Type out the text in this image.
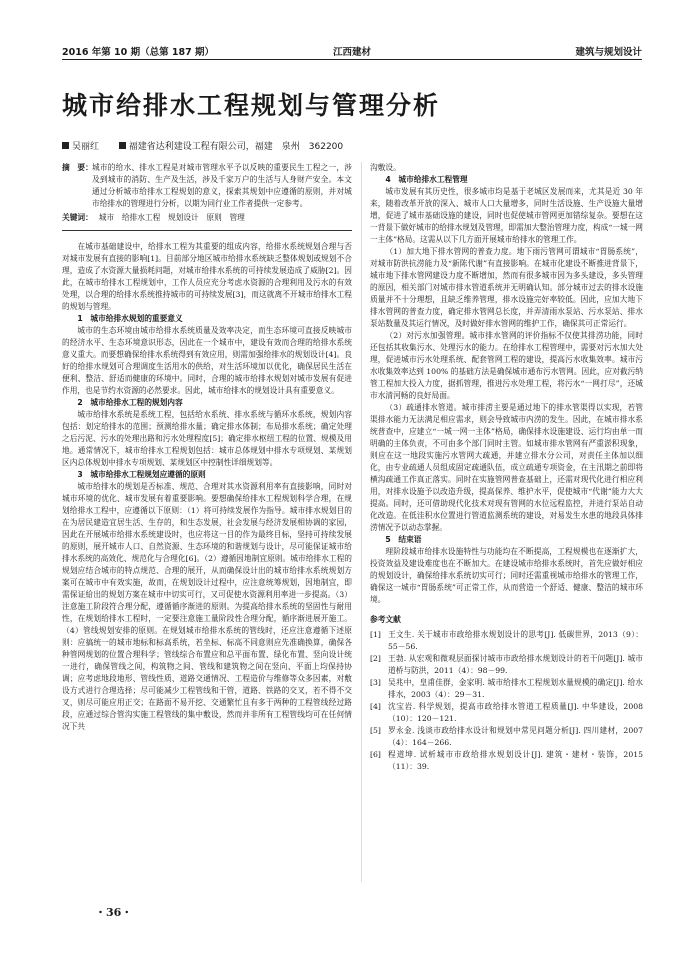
2016 年第 10 期（总第 187 期）	江西建材	建筑与规划设计
城市给排水工程规划与管理分析
吴丽红	福建省达利建设工程有限公司，福建　泉州　362200
摘　要： 城市的给水、排水工程是对城市管理水平予以反映的重要民生工程之一，涉及到城市的消防、生产及生活，涉及千家万户的生活与人身财产安全。本文通过分析城市给排水工程规划的意义，探索其规划中应遵循的原则，并对城市给排水的管理进行分析，以期为同行业工作者提供一定参考。
关键词： 城市　给排水工程　规划设计　原则　管理

在城市基础建设中，给排水工程为其重要的组成内容，给排水系统规划合理与否对城市发展有直接的影响[1]。目前部分地区城市给排水系统缺乏整体规划或规划不合理，造成了水资源大量损耗问题，对城市给排水系统的可持续发展造成了威胁[2]。因此，在城市给排水工程规划中，工作人员应充分考虑水资源的合理利用及污水的有效处理，以合理的给排水系统推持城市的可持续发展[3]，而这就离不开城市给排水工程的规划与管理。

1　城市给排水规划的重要意义

城市的生态环境由城市给排水系统质量及效率决定，而生态环境可直接反映城市的经济水平、生态环境意识形态，因此在一个城市中，建设有效而合理的给排水系统意义重大。而要想确保给排水系统得到有效应用，则需加强给排水的规划设计[4]。良好的给排水规划可合理调度生活用水的供给，对生活环境加以优化，确保居民生活在便利、整洁、舒适而健康的环境中。同时，合理的城市给排水规划对城市发展有促进作用，也是节约水资源的必然要求。因此，城市给排水的规划设计具有重要意义。

2　城市给排水工程的规划内容

城市给排水系统是系统工程，包括给水系统、排水系统与循环水系统，规划内容包括：划定给排水的范围；预测给排水量；确定排水体制；布局排水系统；确定处理之后污泥、污水的处理出路和污水处理程度[5]；确定排水枢纽工程的位置、规模及用地。通常情况下，城市给排水工程规划包括：城市总体规划中排水专项规划、某规划区内总体规划中排水专项规划、某规划区中控制性详细规划等。

3　城市给排水工程规划应遵循的原则

城市给排水的规划是否标准、规范、合理对其水资源利用率有直接影响，同时对城市环境的优化、城市发展有着重要影响。要想确保给排水工程规划科学合理，在规划给排水工程中，应遵循以下原则：（1）将可持续发展作为指导。城市排水规划目的在为居民建造宜居生活、生存的，和生态发展，社会发展与经济发展相协调的家园，因此在开展城市给排水系统建设时，也应将这一目的作为最终目标，坚持可持续发展的原则，展开城市人口、自然资源、生态环境的和谐规划与设计，尽可能保证城市给排水系统的高效化、规范化与合理化[6]。（2）遵循因地制宜原则。城市给排水工程的规划应结合城市的特点规范、合理的展开，从而确保设计出的城市给排水系统规划方案可在城市中有效实施，故而，在规划设计过程中，应注意统筹规划，因地制宜，即需保证給出的规划方案在城市中切实可行，又可促使水资源利用率进一步提高。（3）注意施工阶段符合理分配，遵循循序渐进的原则。为提高给排水系统的坚固性与耐用性，在规划给排水工程时，一定要注意施工量阶段性合理分配，循序渐进展开施工。（4）管线规划安排的原则。在规划城市给排水系统的管线时，还应注意遵循下述原则：应搞统一的城市地标和标高系统，若坐标、标高不同意则应先准确换算，确保各种管网规划的位置合理科学；管线综合布置应和总平面布置、绿化布置、竖向设计统一进行，确保管线之间，构筑物之间、管线和建筑物之间在竖向、平面上均保持协调；应考虑地段地形、管线性质、道路交通情况、工程造价与维修等众多因素，对敷设方式进行合理选择；尽可能减少工程管线和干管，道路、铁路的交叉，若不得不交叉，则尽可能应用正交；在路面不易开挖、交通繁忙且有多于两种的工程管线经过路段，应通过综合管沟实施工程管线的集中敷设，然而并非所有工程管线均可在任何情况下共

沟敷设。

4　城市给排水工程管理

城市发展有其历史性，很多城市均是基于老城区发展而来，尤其是近 30 年来，随着改革开放的深入、城市人口大量增多，同时生活设施、生产设施大量增增，促进了城市基础设施的建设，同时也促使城市管网更加错综复杂。要想在这一背景下做好城市的给排水规划及管理，即需加大整治管理力度，构成“一城一网一主体”格局。这需从以下几方面开展城市给排水的管理工作。

（1）加大地下排水管网的普查力度。地下雨污管网可谓城市“胃肠系统”，对城市防洪抗涝能力及“新陈代谢”有直接影响。在城市化建设不断推进背景下，城市地下排水管网建设力度不断增加，然而有很多城市因为多头建设，多头管理的原因，相关部门对城市排水管道系统并无明确认知。部分城市过去的排水设施质量并不十分理想，且缺乏维养管理，排水设施完好率较低。因此，应加大地下排水管网的普查力度，确定排水管网总长度，并弄清雨水泵站、污水泵站、排水泵站数量及其运行情况，及时做好排水管网的维护工作，确保其可正常运行。

（2）对污水加强管理。城市排水管网的评价指标不仅使其排涝功能，同时还包括其收集污水、处理污水的能力。在给排水工程管理中，需要对污水加大处理，促进城市污水处理系统、配套管网工程的建设，提高污水收集效率。城市污水收集效率达到 100% 的基础方法是确保城市通布污水管网。因此，应对截污纳管工程加大投入力度，据抓管理，推进污水处理工程，将污水“一网打尽”，还城市水清河畅的良好局面。

（3）疏通排水管道。城市排涝主要是通过地下的排水管渠得以实现，若管渠排水能力无法满足相应需求，则会导致城市内涝的发生。因此，在城市排水系统普查中，应建立“一城一网一主体”格局，确保排水设施建设、运行均由单一而明确的主体负责，不可由多个部门同时主管。如城市排水管网有严重淤积现象，则应在这一地段实施污水管网大疏通，并建立排水分公司，对责任主体加以细化，由专业疏通人员组成固定疏通队伍，成立疏通专项资金，在主汛期之前即将横沟疏通工作真正落实。同时在实施管网普查基础上，还需对现代化进行相应利用，对排水设施予以改造升级，提高保养、维护水平，促使城市“代谢”能力大大提高。同时，还可借助现代化技术对现有管网的水位远程监控，并进行泵站自动化改造。在低洼积水位置进行管道监测系统的建设，对易发生水患的地段具体排涝情况予以动态掌握。

5　结束语

理阶段城市给排水设施特性与功能均在不断提高，工程规模也在逐渐扩大，投资效益及建设难度也在不断加大。在建设城市给排水系统时，首先应做好相应的规划设计，确保给排水系统切实可行；同时还需重视城市给排水的管理工作，确保这一城市“胃肠系统”可正常工作，从而营造一个舒适、健康、整洁的城市环境。

参考文献
[1] 王文生. 关于城市市政给排水规划设计的思考[J]. 低碳世界，2013（9）：55－56.
[2] 王勃. 从宏观和微观层面探讨城市市政给排水规划设计的若干问题[J]. 城市道桥与防洪，2011（4）：98－99.
[3] 吴兆中，皇甫佳群，金家明. 城市给排水工程规划水量规模的确定[J]. 给水排水，2003（4）：29－31.
[4] 沈宝岩. 科学规划，提高市政给排水管道工程质量[J]. 中华建设，2008（10）：120－121.
[5] 罗永金. 浅谈市政给排水设计和规划中常见问题分析[J]. 四川建材，2007（4）：164－266.
[6] 程道坤. 试析城市市政给排水规划设计[J]. 建筑・建材・装饰，2015（11）：39.
・36・
